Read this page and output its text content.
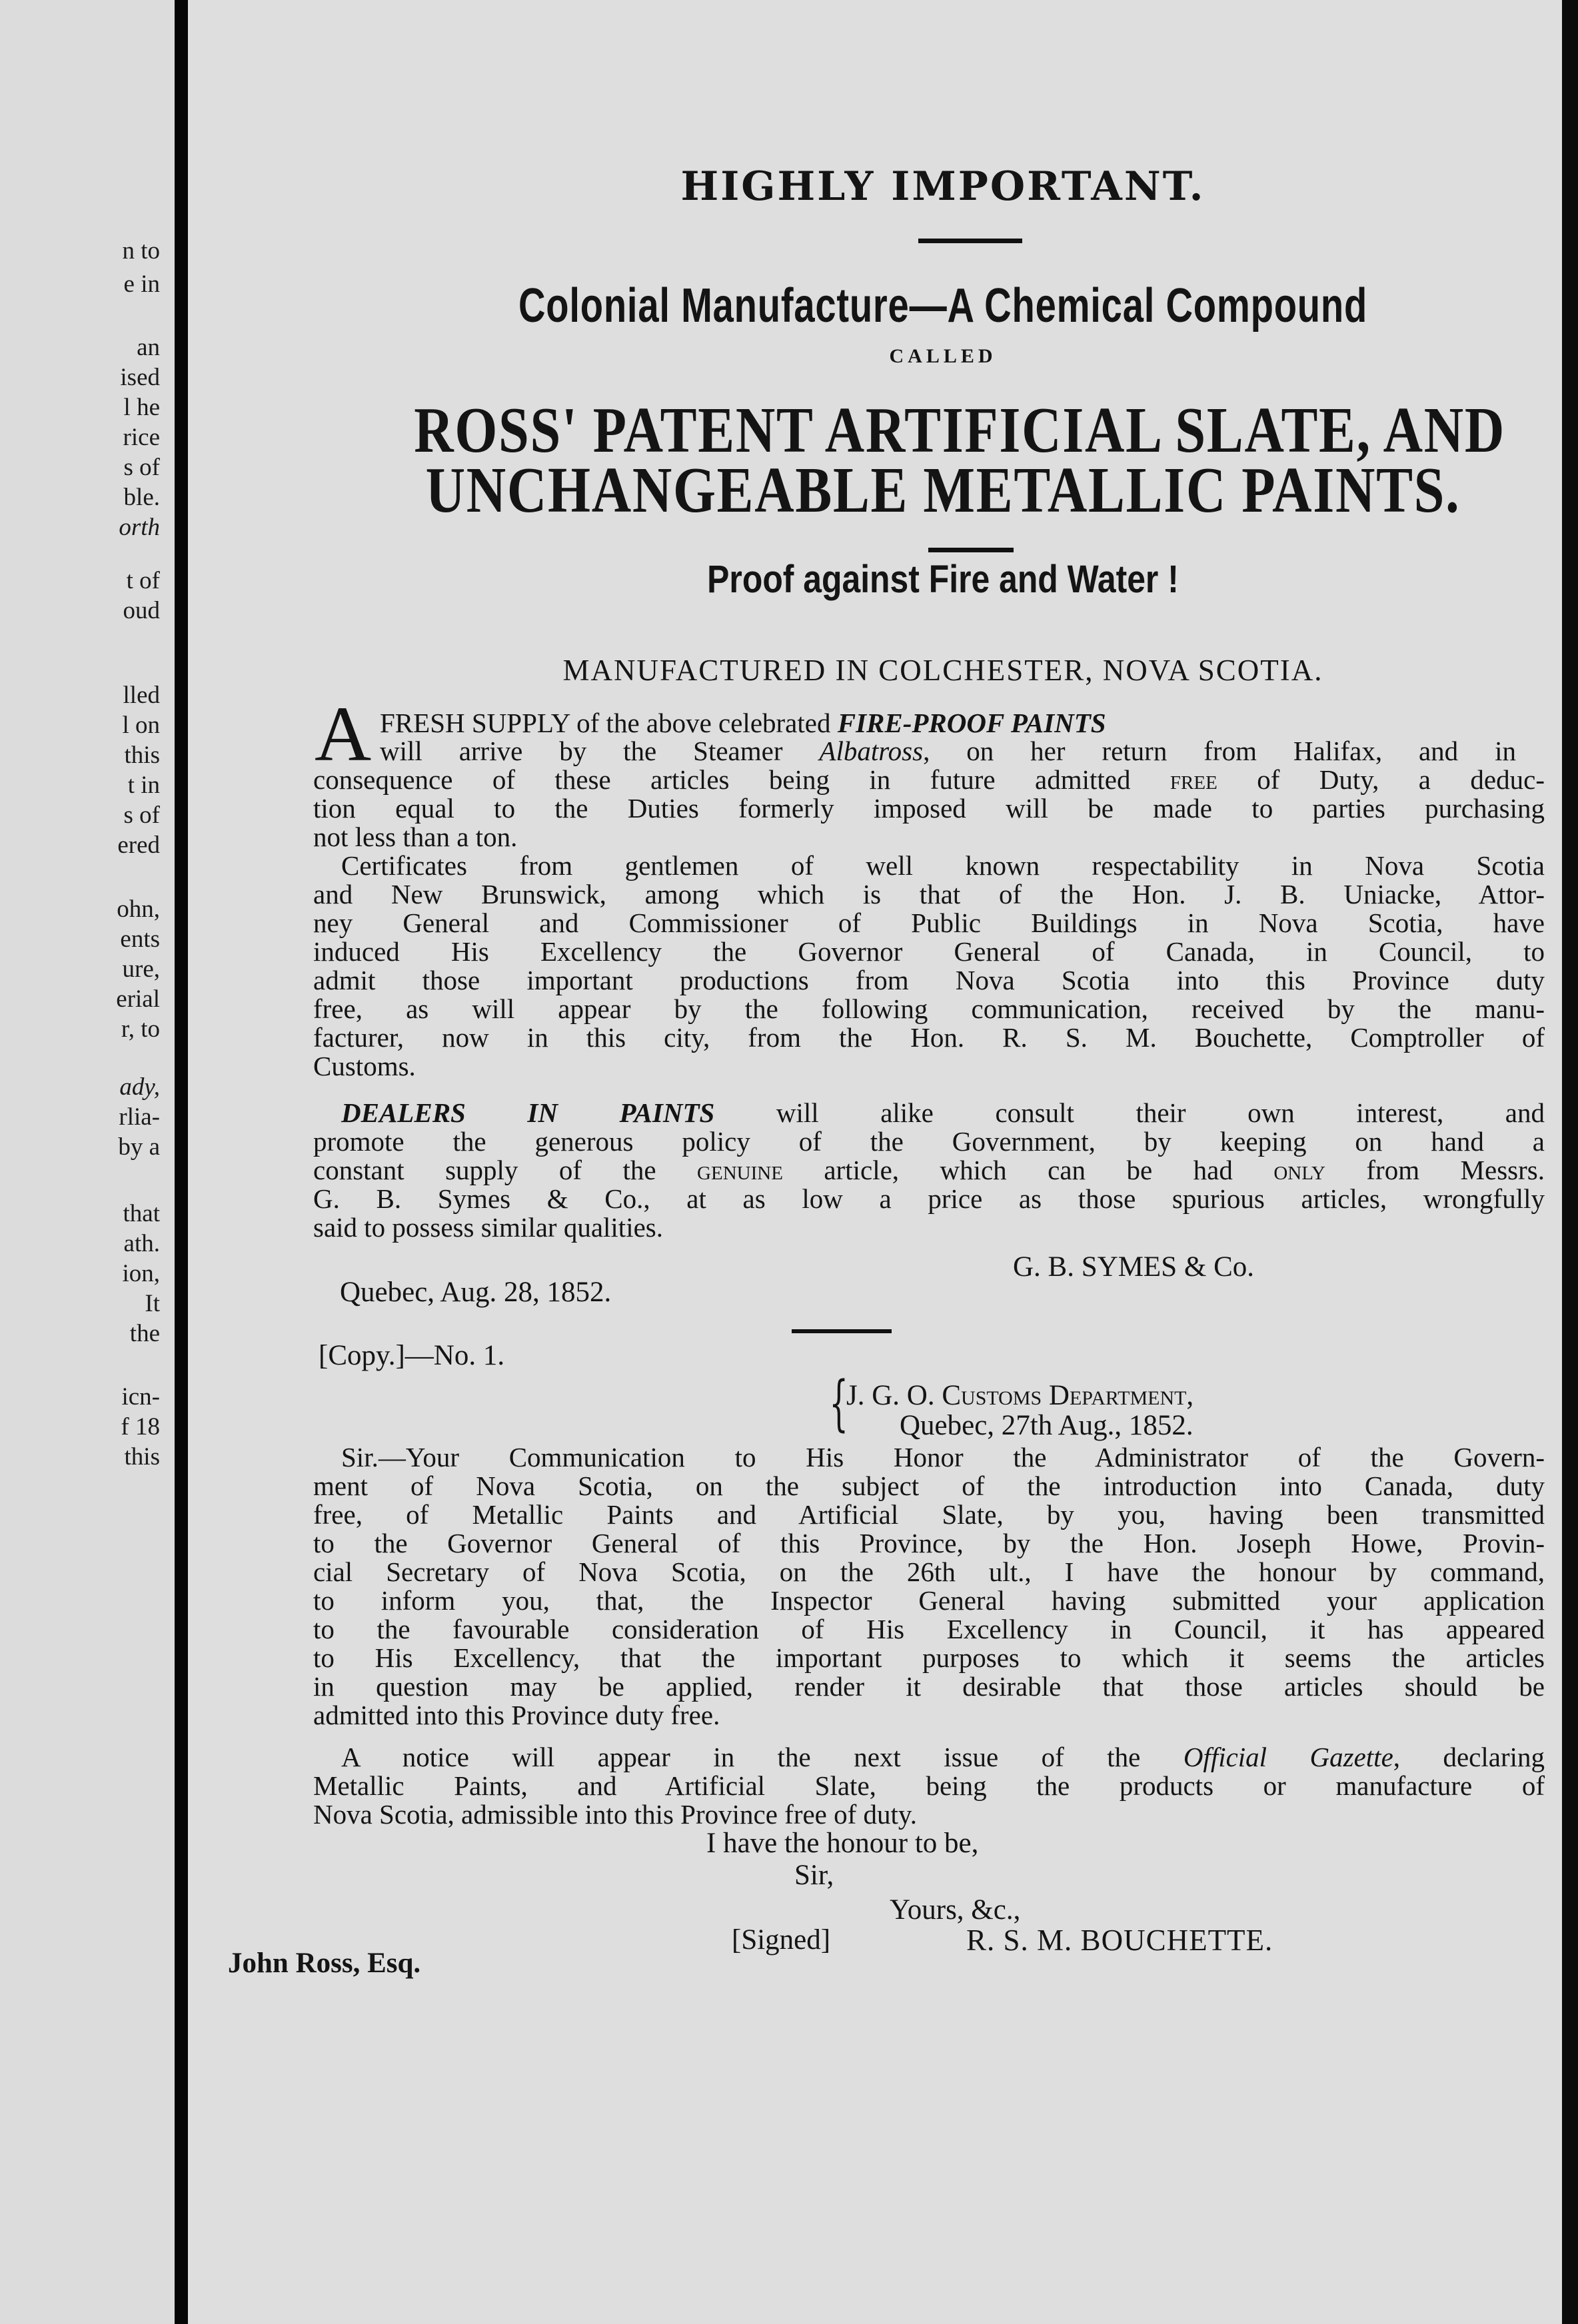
n to
e in
an
ised
l he
rice
s of
ble.
orth
t of
oud
lled
l on
this
t in
s of
ered
ohn,
ents
ure,
erial
r, to
ady,
rlia-
by a
that
ath.
ion,
It
the
icn-
f 18
this
HIGHLY IMPORTANT.
Colonial Manufacture—A Chemical Compound
CALLED
ROSS' PATENT ARTIFICIAL SLATE, AND
UNCHANGEABLE METALLIC PAINTS.
Proof against Fire and Water !
MANUFACTURED IN COLCHESTER, NOVA SCOTIA.
A FRESH SUPPLY of the above celebrated FIRE-PROOF PAINTS
will arrive by the Steamer Albatross, on her return from Halifax, and in
consequence of these articles being in future admitted free of Duty, a deduc-
tion equal to the Duties formerly imposed will be made to parties purchasing
not less than a ton.
Certificates from gentlemen of well known respectability in Nova Scotia
and New Brunswick, among which is that of the Hon. J. B. Uniacke, Attor-
ney General and Commissioner of Public Buildings in Nova Scotia, have
induced His Excellency the Governor General of Canada, in Council, to
admit those important productions from Nova Scotia into this Province duty
free, as will appear by the following communication, received by the manu-
facturer, now in this city, from the Hon. R. S. M. Bouchette, Comptroller of
Customs.
DEALERS IN PAINTS will alike consult their own interest, and
promote the generous policy of the Government, by keeping on hand a
constant supply of the genuine article, which can be had only from Messrs.
G. B. Symes & Co., at as low a price as those spurious articles, wrongfully
said to possess similar qualities.
G. B. SYMES & Co.
Quebec, Aug. 28, 1852.
[Copy.]—No. 1.
{
J. G. O. Customs Department,
Quebec, 27th Aug., 1852.
Sir.—Your Communication to His Honor the Administrator of the Govern-
ment of Nova Scotia, on the subject of the introduction into Canada, duty
free, of Metallic Paints and Artificial Slate, by you, having been transmitted
to the Governor General of this Province, by the Hon. Joseph Howe, Provin-
cial Secretary of Nova Scotia, on the 26th ult., I have the honour by command,
to inform you, that, the Inspector General having submitted your application
to the favourable consideration of His Excellency in Council, it has appeared
to His Excellency, that the important purposes to which it seems the articles
in question may be applied, render it desirable that those articles should be
admitted into this Province duty free.
A notice will appear in the next issue of the Official Gazette, declaring
Metallic Paints, and Artificial Slate, being the products or manufacture of
Nova Scotia, admissible into this Province free of duty.
I have the honour to be,
Sir,
Yours, &c.,
[Signed]	R. S. M. BOUCHETTE.
John Ross, Esq.
